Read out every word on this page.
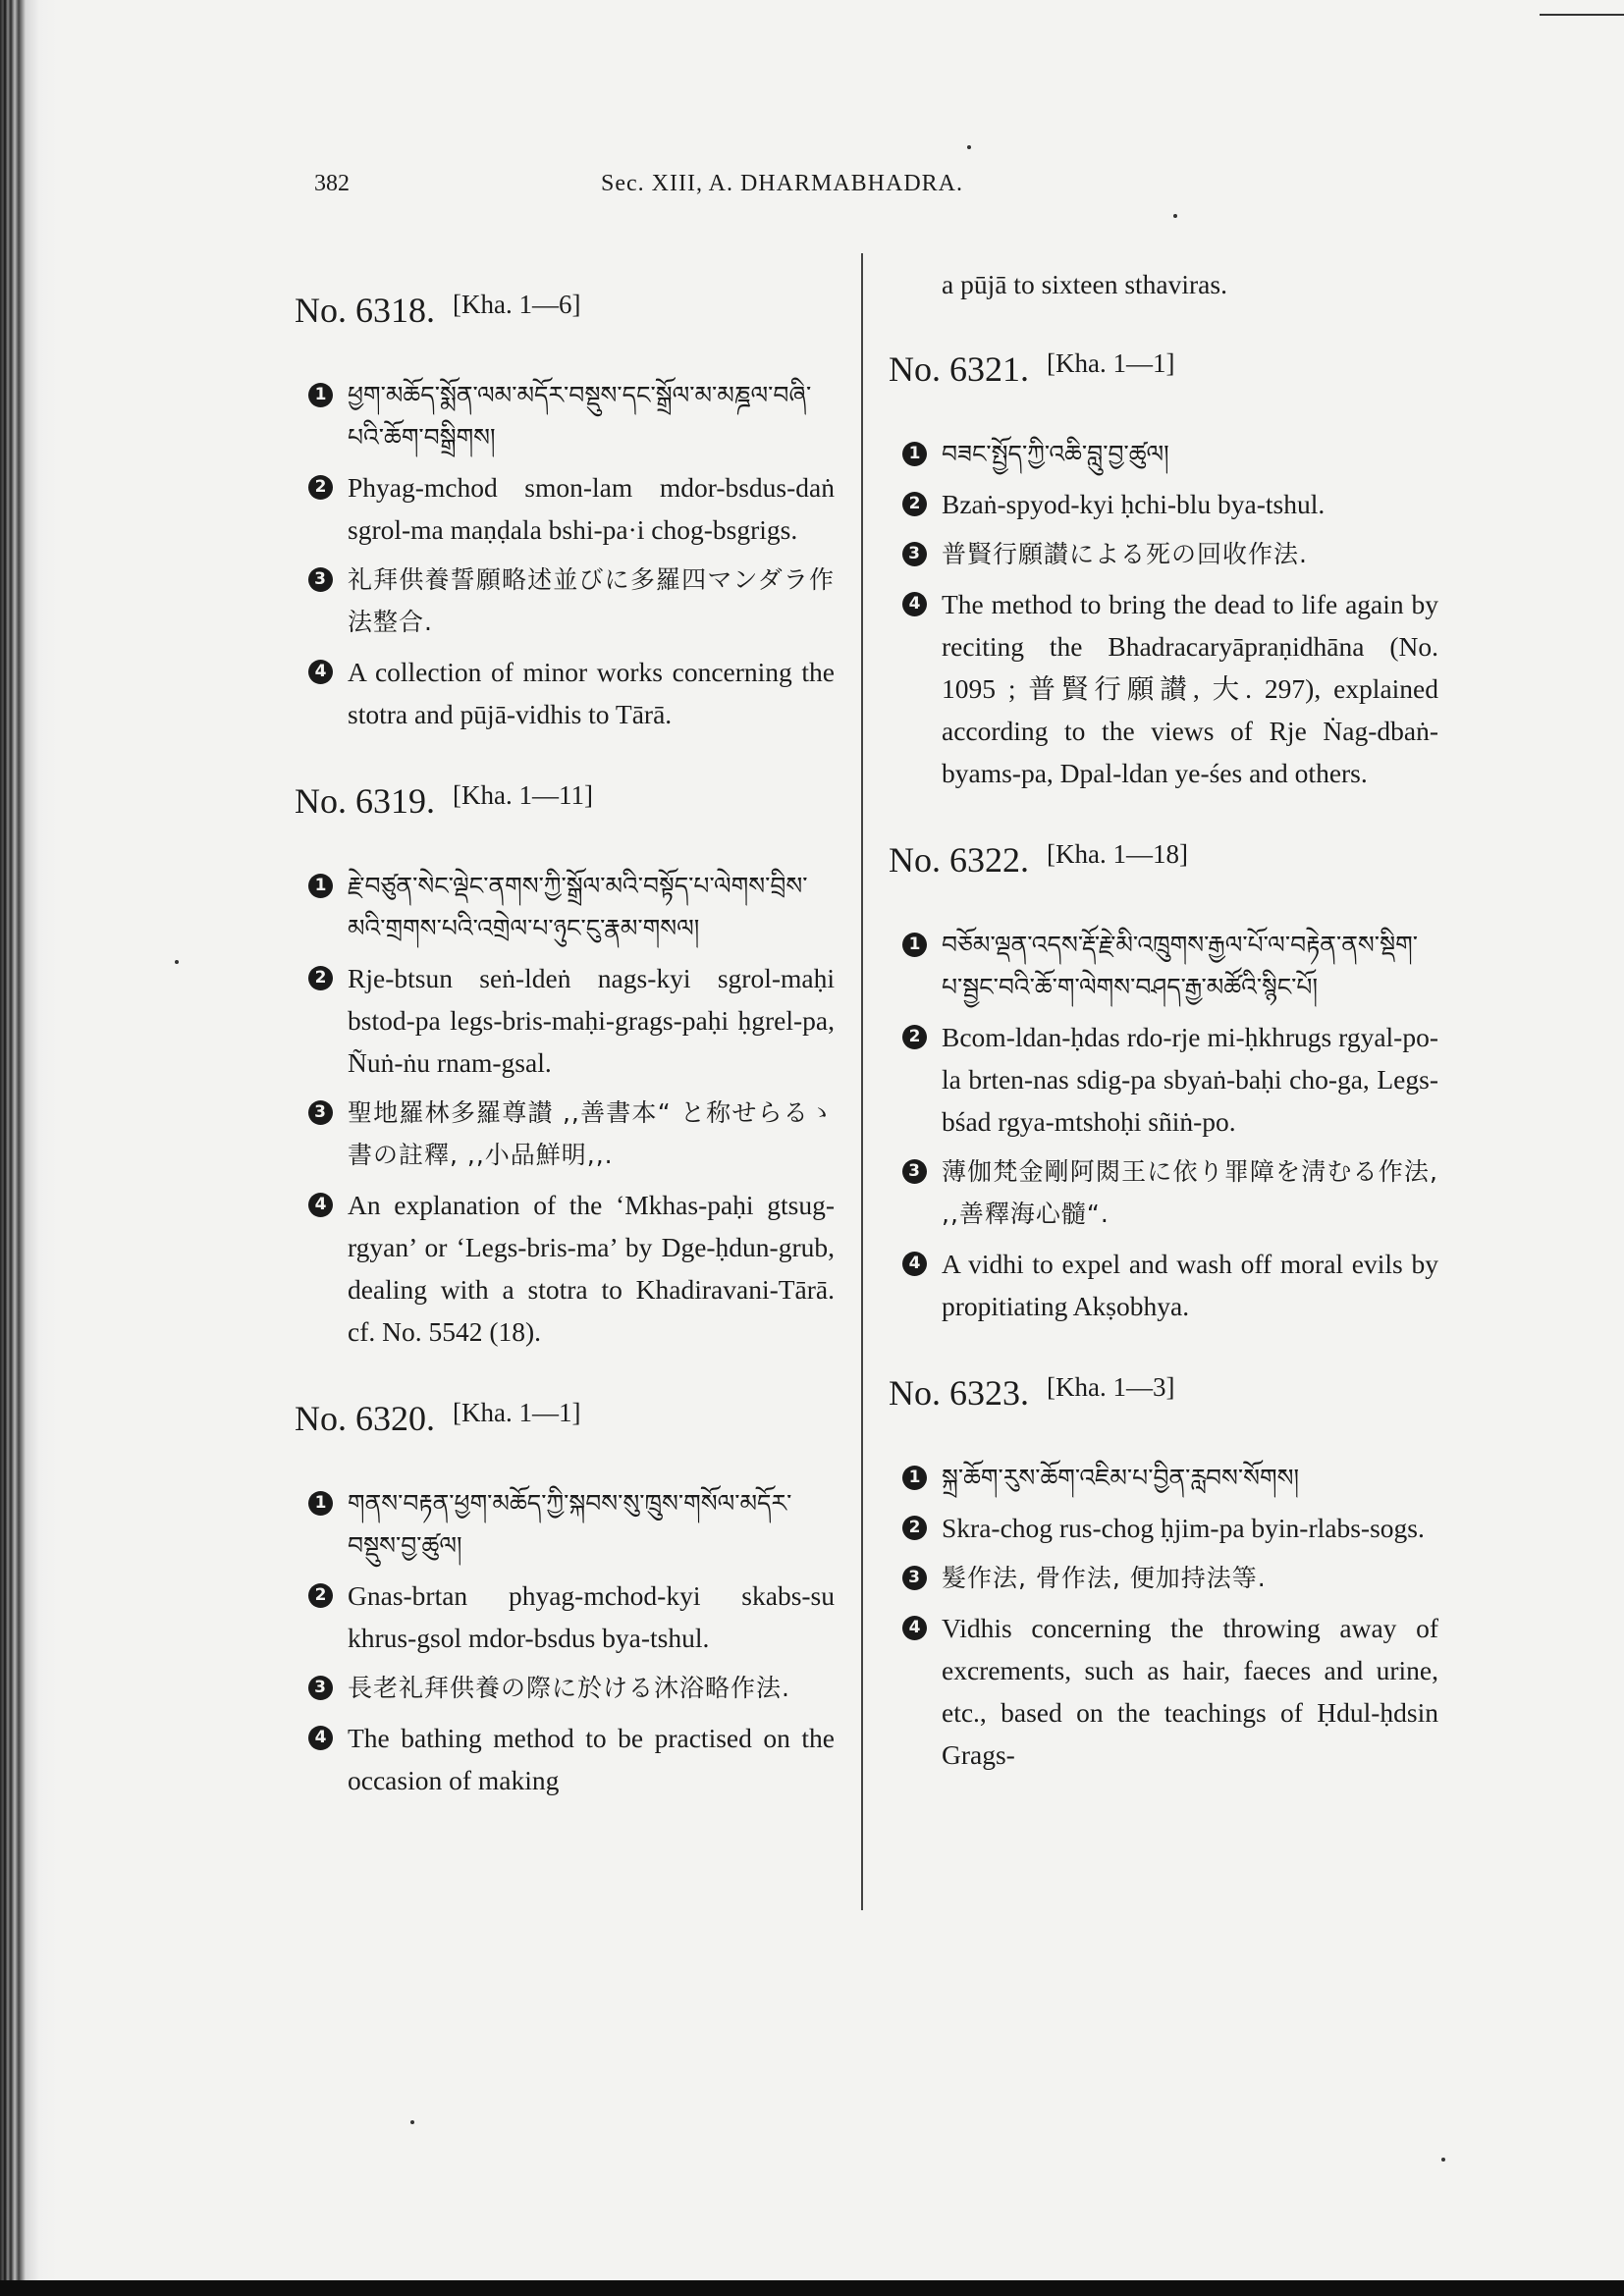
382	Sec. XIII, A. DHARMABHADRA.
No. 6318. [Kha. 1—6]
1 ཕྱག་མཆོད་སྨོན་ལམ་མདོར་བསྡུས་དང་སྒྲོལ་མ་མཎྜལ་བཞི་པའི་ཆོག་བསྒྲིགས།
2 Phyag-mchod smon-lam mdor-bsdus-daṅ sgrol-ma maṇḍala bshi-pa·i chog-bsgrigs.
3 礼拜供養誓願略述並びに多羅四マンダラ作法整合.
4 A collection of minor works concerning the stotra and pūjā-vidhis to Tārā.
No. 6319. [Kha. 1—11]
1 རྗེ་བཙུན་སེང་ལྡེང་ནགས་ཀྱི་སྒྲོལ་མའི་བསྟོད་པ་ལེགས་བྲིས་མའི་གྲགས་པའི་འགྲེལ་པ་ཉུང་ངུ་རྣམ་གསལ།
2 Rje-btsun seṅ-ldeṅ nags-kyi sgrol-maḥi bstod-pa legs-bris-maḥi-grags-paḥi ḥgrel-pa, Ñuṅ-ṅu rnam-gsal.
3 聖地羅林多羅尊讃 ,,善書本“ と称せらるゝ書の註釋, ,,小品鮮明,,.
4 An explanation of the ‘Mkhas-paḥi gtsug-rgyan’ or ‘Legs-bris-ma’ by Dge-ḥdun-grub, dealing with a stotra to Khadiravani-Tārā. cf. No. 5542 (18).
No. 6320. [Kha. 1—1]
1 གནས་བརྟན་ཕྱག་མཆོད་ཀྱི་སྐབས་སུ་ཁྲུས་གསོལ་མདོར་བསྡུས་བྱ་ཚུལ།
2 Gnas-brtan phyag-mchod-kyi skabs-su khrus-gsol mdor-bsdus bya-tshul.
3 長老礼拜供養の際に於ける沐浴略作法.
4 The bathing method to be practised on the occasion of making
a pūjā to sixteen sthaviras.
No. 6321. [Kha. 1—1]
1 བཟང་སྤྱོད་ཀྱི་འཆི་བླུ་བྱ་ཚུལ།
2 Bzaṅ-spyod-kyi ḥchi-blu bya-tshul.
3 普賢行願讃による死の回收作法.
4 The method to bring the dead to life again by reciting the Bhadracaryāpraṇidhāna (No. 1095 ; 普賢行願讃, 大. 297), explained according to the views of Rje Ṅag-dbaṅ-byams-pa, Dpal-ldan ye-śes and others.
No. 6322. [Kha. 1—18]
1 བཅོམ་ལྡན་འདས་རྡོ་རྗེ་མི་འཁྲུགས་རྒྱལ་པོ་ལ་བརྟེན་ནས་སྡིག་པ་སྦྱང་བའི་ཆོ་ག་ལེགས་བཤད་རྒྱ་མཚོའི་སྙིང་པོ།
2 Bcom-ldan-ḥdas rdo-rje mi-ḥkhrugs rgyal-po-la brten-nas sdig-pa sbyaṅ-baḥi cho-ga, Legs-bśad rgya-mtshoḥi sñiṅ-po.
3 薄伽梵金剛阿閦王に依り罪障を淸むる作法, ,,善釋海心髓“.
4 A vidhi to expel and wash off moral evils by propitiating Akṣobhya.
No. 6323. [Kha. 1—3]
1 སྐྲ་ཆོག་རུས་ཆོག་འཇིམ་པ་བྱིན་རླབས་སོགས།
2 Skra-chog rus-chog ḥjim-pa byin-rlabs-sogs.
3 髮作法, 骨作法, 便加持法等.
4 Vidhis concerning the throwing away of excrements, such as hair, faeces and urine, etc., based on the teachings of Ḥdul-ḥdsin Grags-
